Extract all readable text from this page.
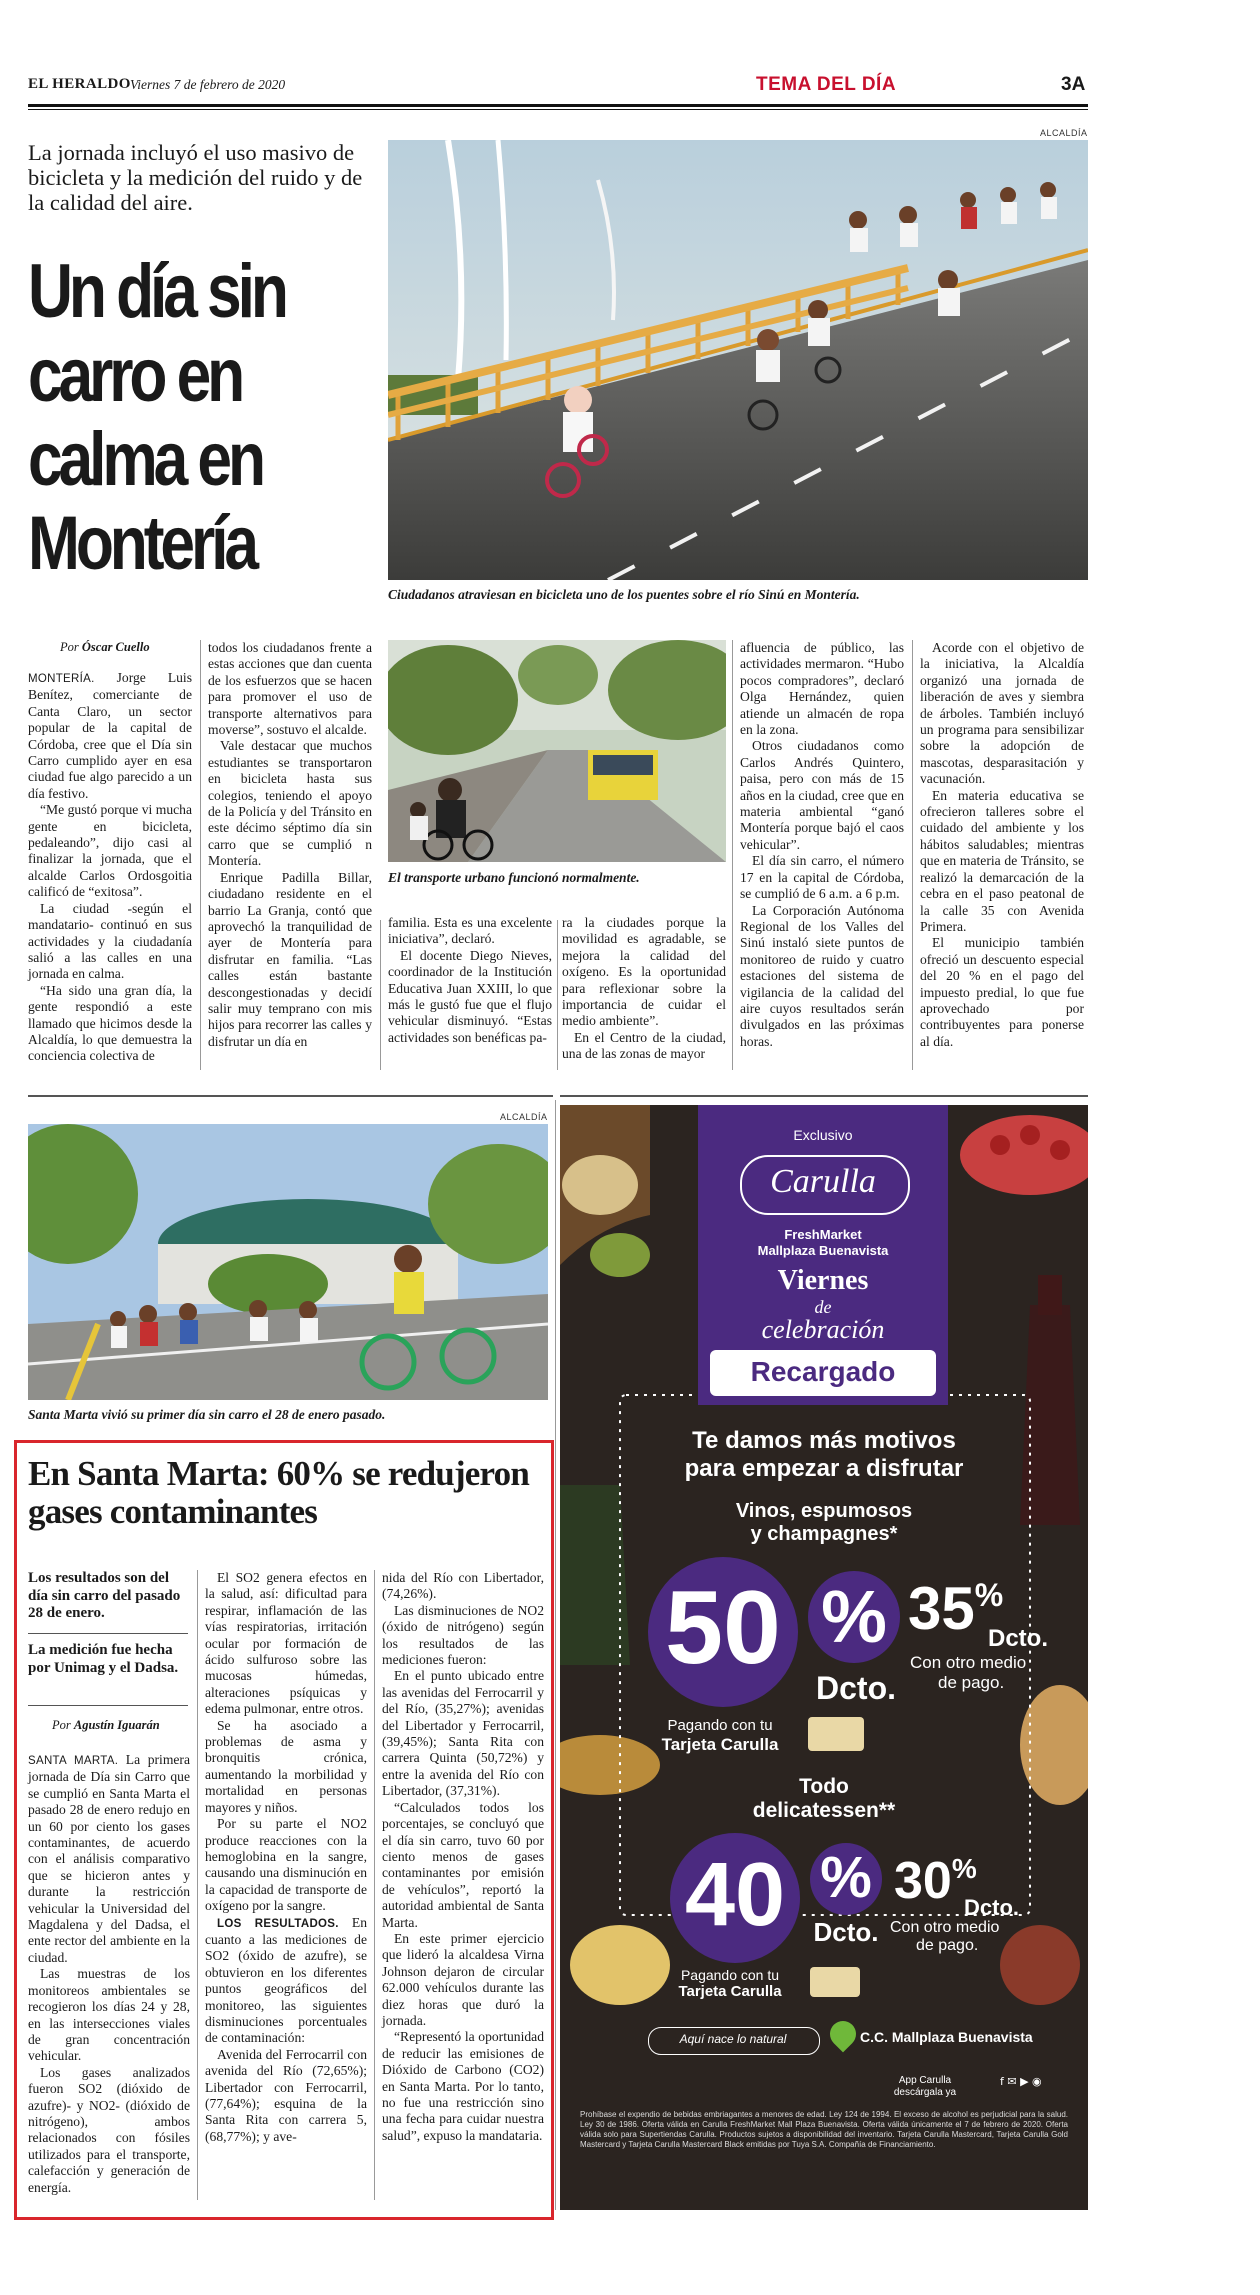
EL HERALDO Viernes 7 de febrero de 2020	TEMA DEL DÍA	3A
La jornada incluyó el uso masivo de bicicleta y la medición del ruido y de la calidad del aire.
Un día sin
carro en
calma en
Montería
ALCALDÍA
Ciudadanos atraviesan en bicicleta uno de los puentes sobre el río Sinú en Montería.
Por Óscar Cuello

MONTERÍA. Jorge Luis Benítez, comerciante de Canta Claro, un sector popular de la capital de Córdoba, cree que el Día sin Carro cumplido ayer en esa ciudad fue algo parecido a un día festivo.

“Me gustó porque vi mucha gente en bicicleta, pedaleando”, dijo casi al finalizar la jornada, que el alcalde Carlos Ordosgoitia calificó de “exitosa”.

La ciudad -según el mandatario- continuó en sus actividades y la ciudadanía salió a las calles en una jornada en calma.

“Ha sido una gran día, la gente respondió a este llamado que hicimos desde la Alcaldía, lo que demuestra la conciencia colectiva de

todos los ciudadanos frente a estas acciones que dan cuenta de los esfuerzos que se hacen para promover el uso de transporte alternativos para moverse”, sostuvo el alcalde.

Vale destacar que muchos estudiantes se transportaron en bicicleta hasta sus colegios, teniendo el apoyo de la Policía y del Tránsito en este décimo séptimo día sin carro que se cumplió n Montería.

Enrique Padilla Billar, ciudadano residente en el barrio La Granja, contó que aprovechó la tranquilidad de ayer de Montería para disfrutar en familia. “Las calles están bastante descongestionadas y decidí salir muy temprano con mis hijos para recorrer las calles y disfrutar un día en

El transporte urbano funcionó normalmente.

familia. Esta es una excelente iniciativa”, declaró.

El docente Diego Nieves, coordinador de la Institución Educativa Juan XXIII, lo que más le gustó fue que el flujo vehicular disminuyó. “Estas actividades son benéficas pa-

ra la ciudades porque la movilidad es agradable, se mejora la calidad del oxígeno. Es la oportunidad para reflexionar sobre la importancia de cuidar el medio ambiente”.

En el Centro de la ciudad, una de las zonas de mayor

afluencia de público, las actividades mermaron. “Hubo pocos compradores”, declaró Olga Hernández, quien atiende un almacén de ropa en la zona.

Otros ciudadanos como Carlos Andrés Quintero, paisa, pero con más de 15 años en la ciudad, cree que en materia ambiental “ganó Montería porque bajó el caos vehicular”.

El día sin carro, el número 17 en la capital de Córdoba, se cumplió de 6 a.m. a 6 p.m.

La Corporación Autónoma Regional de los Valles del Sinú instaló siete puntos de monitoreo de ruido y cuatro estaciones del sistema de vigilancia de la calidad del aire cuyos resultados serán divulgados en las próximas horas.

Acorde con el objetivo de la iniciativa, la Alcaldía organizó una jornada de liberación de aves y siembra de árboles. También incluyó un programa para sensibilizar sobre la adopción de mascotas, desparasitación y vacunación.

En materia educativa se ofrecieron talleres sobre el cuidado del ambiente y los hábitos saludables; mientras que en materia de Tránsito, se realizó la demarcación de la cebra en el paso peatonal de la calle 35 con Avenida Primera.

El municipio también ofreció un descuento especial del 20 % en el pago del impuesto predial, lo que fue aprovechado por contribuyentes para ponerse al día.

ALCALDÍA
Santa Marta vivió su primer día sin carro el 28 de enero pasado.
En Santa Marta: 60% se redujeron gases contaminantes
Los resultados son del día sin carro del pasado 28 de enero.
La medición fue hecha por Unimag y el Dadsa.
Por Agustín Iguarán

SANTA MARTA. La primera jornada de Día sin Carro que se cumplió en Santa Marta el pasado 28 de enero redujo en un 60 por ciento los gases contaminantes, de acuerdo con el análisis comparativo que se hicieron antes y durante la restricción vehicular la Universidad del Magdalena y del Dadsa, el ente rector del ambiente en la ciudad.

Las muestras de los monitoreos ambientales se recogieron los días 24 y 28, en las intersecciones viales de gran concentración vehicular.

Los gases analizados fueron SO2 (dióxido de azufre)- y NO2- (dióxido de nitrógeno), ambos relacionados con fósiles utilizados para el transporte, calefacción y generación de energía.

El SO2 genera efectos en la salud, así: dificultad para respirar, inflamación de las vías respiratorias, irritación ocular por formación de ácido sulfuroso sobre las mucosas húmedas, alteraciones psíquicas y edema pulmonar, entre otros.

Se ha asociado a problemas de asma y bronquitis crónica, aumentando la morbilidad y mortalidad en personas mayores y niños.

Por su parte el NO2 produce reacciones con la hemoglobina en la sangre, causando una disminución en la capacidad de transporte de oxígeno por la sangre.

LOS RESULTADOS. En cuanto a las mediciones de SO2 (óxido de azufre), se obtuvieron en los diferentes puntos geográficos del monitoreo, las siguientes disminuciones porcentuales de contaminación:

Avenida del Ferrocarril con avenida del Río (72,65%); Libertador con Ferrocarril, (77,64%); esquina de la Santa Rita con carrera 5, (68,77%); y ave-

nida del Río con Libertador, (74,26%).

Las disminuciones de NO2 (óxido de nitrógeno) según los resultados de las mediciones fueron:

En el punto ubicado entre las avenidas del Ferrocarril y del Río, (35,27%); avenidas del Libertador y Ferrocarril, (39,45%); Santa Rita con carrera Quinta (50,72%) y entre la avenida del Río con Libertador, (37,31%).

“Calculados todos los porcentajes, se concluyó que el día sin carro, tuvo 60 por ciento menos de gases contaminantes por emisión de vehículos”, reportó la autoridad ambiental de Santa Marta.

En este primer ejercicio que lideró la alcaldesa Virna Johnson dejaron de circular 62.000 vehículos durante las diez horas que duró la jornada.

“Representó la oportunidad de reducir las emisiones de Dióxido de Carbono (CO2) en Santa Marta. Por lo tanto, no fue una restricción sino una fecha para cuidar nuestra salud”, expuso la mandataria.

Exclusivo
Carulla
FreshMarket
Mallplaza Buenavista
Viernes
de
celebración
Recargado
Te damos más motivos
para empezar a disfrutar
Vinos, espumosos
y champagnes*
50 %
Dcto.
Pagando con tu
Tarjeta Carulla
35%
Dcto.
Con otro medio
de pago.
Todo
delicatessen**
40 %
Dcto.
Pagando con tu
Tarjeta Carulla
30%
Dcto.
Con otro medio
de pago.
Aquí nace lo natural	C.C. Mallplaza Buenavista
App Carulla
descárgala ya
f ✉ ▶ ◉
Prohíbase el expendio de bebidas embriagantes a menores de edad. Ley 124 de 1994. El exceso de alcohol es perjudicial para la salud. Ley 30 de 1986. Oferta válida en Carulla FreshMarket Mall Plaza Buenavista. Oferta válida únicamente el 7 de febrero de 2020. Oferta válida solo para Supertiendas Carulla. Productos sujetos a disponibilidad del inventario. Tarjeta Carulla Mastercard, Tarjeta Carulla Gold Mastercard y Tarjeta Carulla Mastercard Black emitidas por Tuya S.A. Compañía de Financiamiento.
